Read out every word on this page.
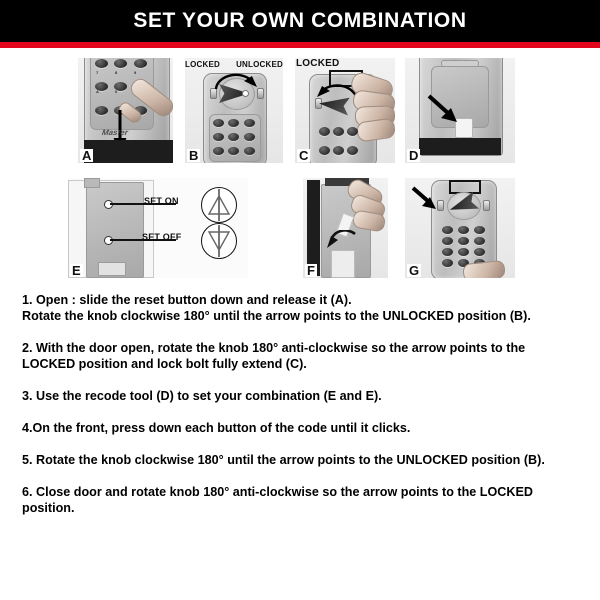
SET YOUR OWN COMBINATION
7	8	9
A	0
C
Master
A
LOCKED UNLOCKED
B
LOCKED
C	D
SET ON
SET OFF
E	F	G
1. Open : slide the reset button down and release it (A).
Rotate the knob clockwise 180° until the arrow points to the UNLOCKED position (B).
2. With the door open, rotate the knob 180° anti-clockwise so the arrow points to the
LOCKED position and lock bolt fully extend (C).
3. Use the recode tool (D) to set your combination (E and E).
4.On the front, press down each button of the code until it clicks.
5. Rotate the knob clockwise 180° until the arrow points to the UNLOCKED position (B).
6. Close door and rotate knob 180° anti-clockwise so the arrow points to the LOCKED
position.
